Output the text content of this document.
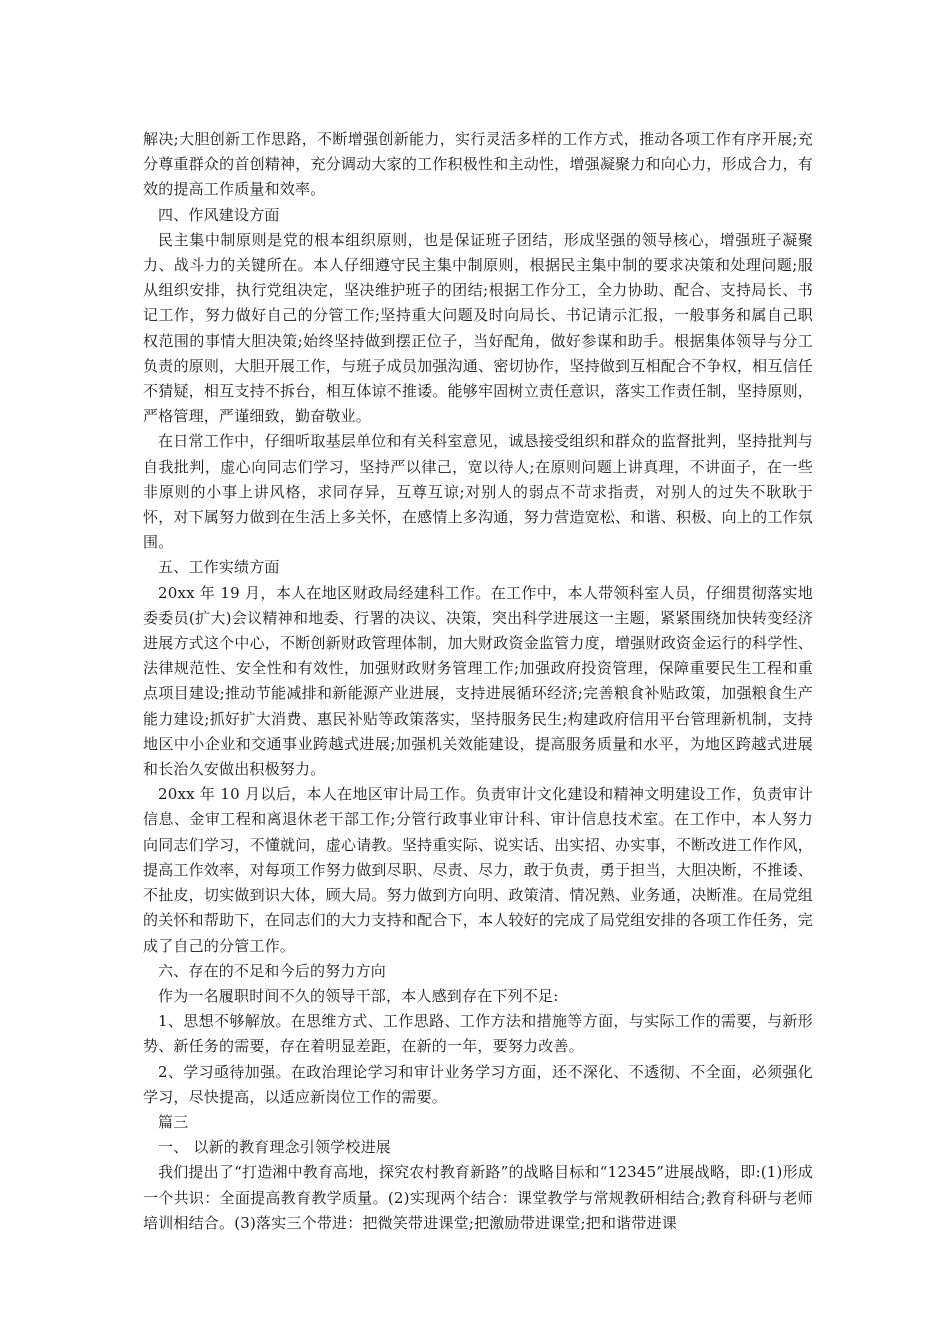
解决;大胆创新工作思路，不断增强创新能力，实行灵活多样的工作方式，推动各项工作有序开展;充分尊重群众的首创精神，充分调动大家的工作积极性和主动性，增强凝聚力和向心力，形成合力，有效的提高工作质量和效率。

四、作风建设方面

民主集中制原则是党的根本组织原则，也是保证班子团结，形成坚强的领导核心，增强班子凝聚力、战斗力的关键所在。本人仔细遵守民主集中制原则，根据民主集中制的要求决策和处理问题;服从组织安排，执行党组决定，坚决维护班子的团结;根据工作分工，全力协助、配合、支持局长、书记工作，努力做好自己的分管工作;坚持重大问题及时向局长、书记请示汇报，一般事务和属自己职权范围的事情大胆决策;始终坚持做到摆正位子，当好配角，做好参谋和助手。根据集体领导与分工负责的原则，大胆开展工作，与班子成员加强沟通、密切协作，坚持做到互相配合不争权，相互信任不猜疑，相互支持不拆台，相互体谅不推诿。能够牢固树立责任意识，落实工作责任制，坚持原则，严格管理，严谨细致，勤奋敬业。

在日常工作中，仔细听取基层单位和有关科室意见，诚恳接受组织和群众的监督批判，坚持批判与自我批判，虚心向同志们学习，坚持严以律己，宽以待人;在原则问题上讲真理，不讲面子，在一些非原则的小事上讲风格，求同存异，互尊互谅;对别人的弱点不苛求指责，对别人的过失不耿耿于怀，对下属努力做到在生活上多关怀，在感情上多沟通，努力营造宽松、和谐、积极、向上的工作氛围。

五、工作实绩方面

20xx 年 19 月，本人在地区财政局经建科工作。在工作中，本人带领科室人员，仔细贯彻落实地委委员(扩大)会议精神和地委、行署的决议、决策，突出科学进展这一主题，紧紧围绕加快转变经济进展方式这个中心，不断创新财政管理体制，加大财政资金监管力度，增强财政资金运行的科学性、法律规范性、安全性和有效性，加强财政财务管理工作;加强政府投资管理，保障重要民生工程和重点项目建设;推动节能减排和新能源产业进展，支持进展循环经济;完善粮食补贴政策，加强粮食生产能力建设;抓好扩大消费、惠民补贴等政策落实，坚持服务民生;构建政府信用平台管理新机制，支持地区中小企业和交通事业跨越式进展;加强机关效能建设，提高服务质量和水平，为地区跨越式进展和长治久安做出积极努力。

20xx 年 10 月以后，本人在地区审计局工作。负责审计文化建设和精神文明建设工作，负责审计信息、金审工程和离退休老干部工作;分管行政事业审计科、审计信息技术室。在工作中，本人努力向同志们学习，不懂就问，虚心请教。坚持重实际、说实话、出实招、办实事，不断改进工作作风，提高工作效率，对每项工作努力做到尽职、尽责、尽力，敢于负责，勇于担当，大胆决断，不推诿、不扯皮，切实做到识大体，顾大局。努力做到方向明、政策清、情况熟、业务通，决断准。在局党组的关怀和帮助下，在同志们的大力支持和配合下，本人较好的完成了局党组安排的各项工作任务，完成了自己的分管工作。

六、存在的不足和今后的努力方向

作为一名履职时间不久的领导干部，本人感到存在下列不足:

1、思想不够解放。在思维方式、工作思路、工作方法和措施等方面，与实际工作的需要，与新形势、新任务的需要，存在着明显差距，在新的一年，要努力改善。

2、学习亟待加强。在政治理论学习和审计业务学习方面，还不深化、不透彻、不全面，必须强化学习，尽快提高，以适应新岗位工作的需要。

篇三

一、 以新的教育理念引领学校进展

我们提出了“打造湘中教育高地，探究农村教育新路”的战略目标和“12345”进展战略，即:(1)形成一个共识：全面提高教育教学质量。(2)实现两个结合：课堂教学与常规教研相结合;教育科研与老师培训相结合。(3)落实三个带进：把微笑带进课堂;把激励带进课堂;把和谐带进课
